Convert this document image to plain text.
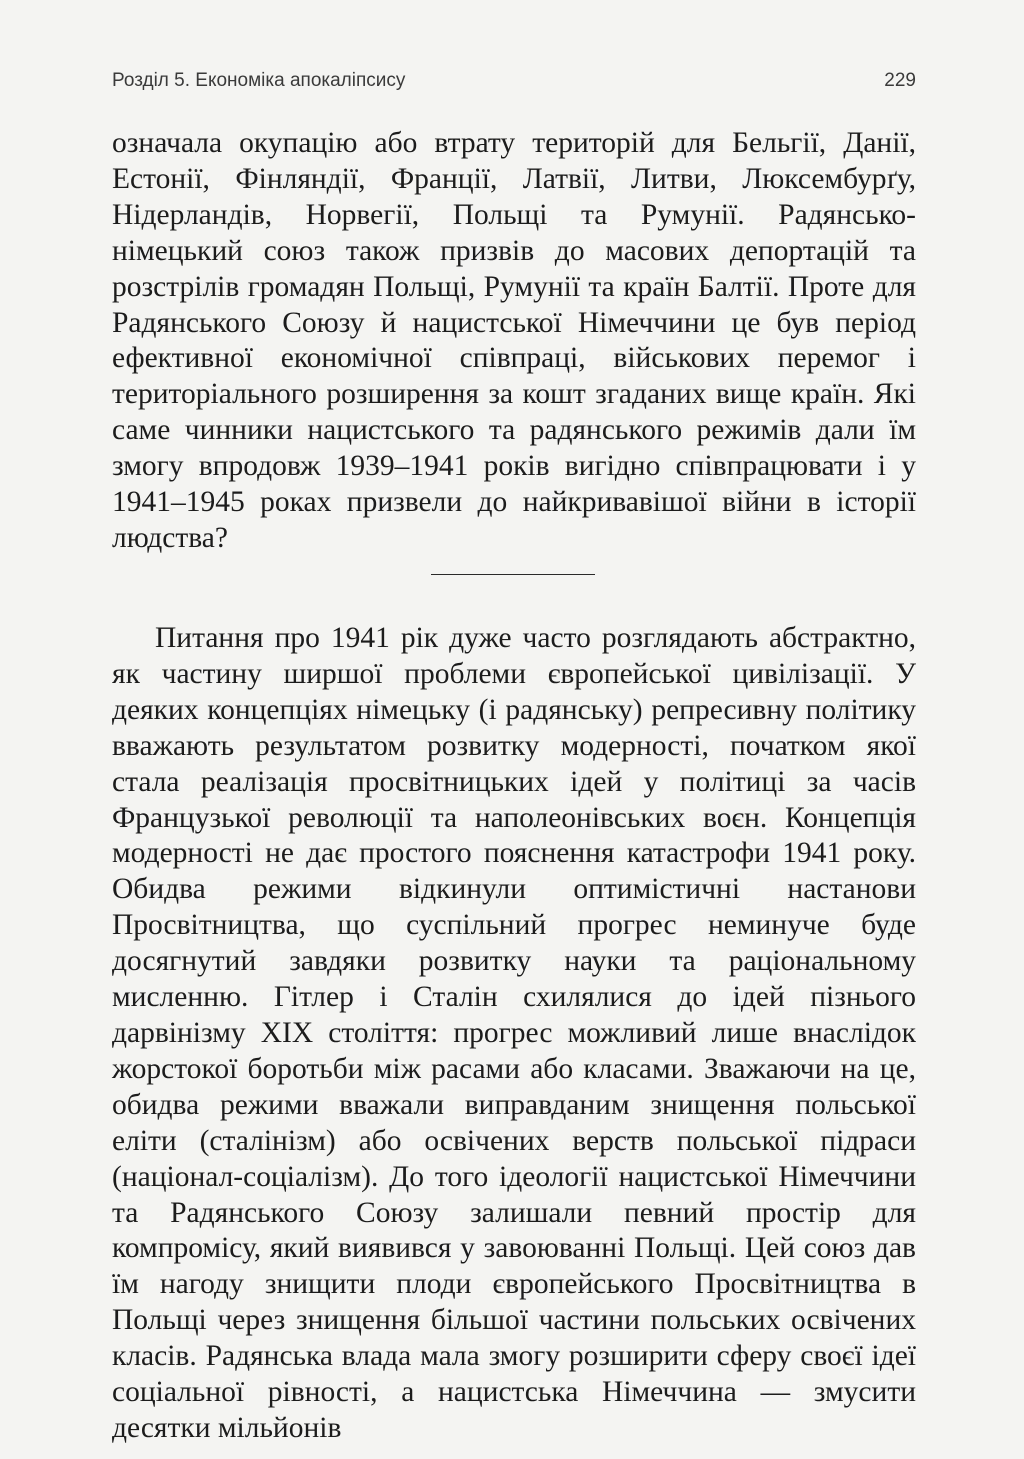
Розділ 5. Економіка апокаліпсису	229

означала окупацію або втрату територій для Бельгії, Данії, Естонії, Фінляндії, Франції, Латвії, Литви, Люксембурґу, Нідерландів, Норвегії, Польщі та Румунії. Радянсько-німецький союз також призвів до масових депортацій та розстрілів громадян Польщі, Румунії та країн Балтії. Проте для Радянського Союзу й нацистської Німеччини це був період ефективної економічної співпраці, військових перемог і територіального розширення за кошт згаданих вище країн. Які саме чинники нацистського та радянського режимів дали їм змогу впродовж 1939–1941 років вигідно співпрацювати і у 1941–1945 роках призвели до найкривавішої війни в історії людства?

Питання про 1941 рік дуже часто розглядають абстрактно, як частину ширшої проблеми європейської цивілізації. У деяких концепціях німецьку (і радянську) репресивну політику вважають результатом розвитку модерності, початком якої стала реалізація просвітницьких ідей у політиці за часів Французької революції та наполеонівських воєн. Концепція модерності не дає простого пояснення катастрофи 1941 року. Обидва режими відкинули оптимістичні настанови Просвітництва, що суспільний прогрес неминуче буде досягнутий завдяки розвитку науки та раціональному мисленню. Гітлер і Сталін схилялися до ідей пізнього дарвінізму XIX століття: прогрес можливий лише внаслідок жорстокої боротьби між расами або класами. Зважаючи на це, обидва режими вважали виправданим знищення польської еліти (сталінізм) або освічених верств польської підраси (націонал-соціалізм). До того ідеології нацистської Німеччини та Радянського Союзу залишали певний простір для компромісу, який виявився у завоюванні Польщі. Цей союз дав їм нагоду знищити плоди європейського Просвітництва в Польщі через знищення більшої частини польських освічених класів. Радянська влада мала змогу розширити сферу своєї ідеї соціальної рівності, а нацистська Німеччина — змусити десятки мільйонів
